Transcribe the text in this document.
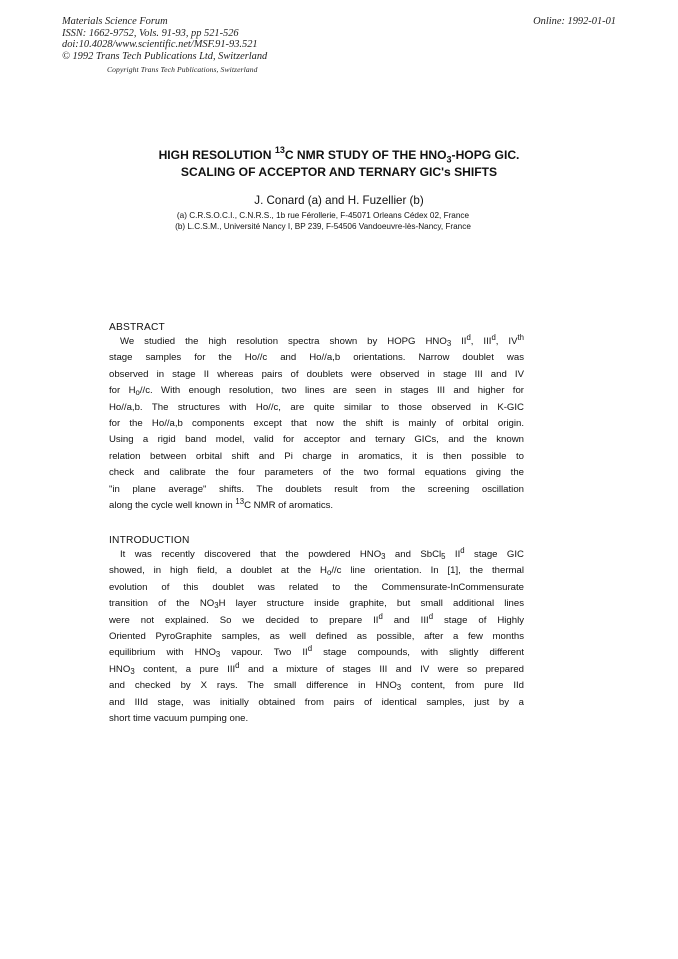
Materials Science Forum
ISSN: 1662-9752, Vols. 91-93, pp 521-526
doi:10.4028/www.scientific.net/MSF.91-93.521
© 1992 Trans Tech Publications Ltd, Switzerland
Online: 1992-01-01
Copyright Trans Tech Publications, Switzerland
HIGH RESOLUTION $^{13}$C NMR STUDY OF THE $HNO_3$-HOPG GIC.
SCALING OF ACCEPTOR AND TERNARY GIC's SHIFTS
J. Conard (a) and H. Fuzellier (b)
(a) C.R.S.O.C.I., C.N.R.S., 1b rue Férollerie, F-45071 Orleans Cédex 02, France
(b) L.C.S.M., Université Nancy I, BP 239, F-54506 Vandoeuvre-lès-Nancy, France
ABSTRACT
We studied the high resolution spectra shown by HOPG $HNO_3$ $II^d$, III$^d$, IVth
stage samples for the Ho//c and Ho//a,b orientations. Narrow doublet was
observed in stage II whereas pairs of doublets were observed in stage III and IV
for $H_o//c$. With enough resolution, two lines are seen in stages III and higher for
Ho//a,b. The structures with Ho//c, are quite similar to those observed in K-GIC
for the Ho//a,b components except that now the shift is mainly of orbital origin.
Using a rigid band model, valid for acceptor and ternary GICs, and the known
relation between orbital shift and Pi charge in aromatics, it is then possible to
check and calibrate the four parameters of the two formal equations giving the
"in plane average" shifts. The doublets result from the screening oscillation
along the cycle well known in $^{13}$C NMR of aromatics.
INTRODUCTION
It was recently discovered that the powdered $HNO_3$ and SbCl$_5$ $II^d$ stage GIC
showed, in high field, a doublet at the $H_o//c$ line orientation. In [1], the thermal
evolution of this doublet was related to the Commensurate-InCommensurate
transition of the $NO_3H$ layer structure inside graphite, but small additional lines
were not explained. So we decided to prepare $II^d$ and III$^d$ stage of Highly
Oriented PyroGraphite samples, as well defined as possible, after a few months
equilibrium with $HNO_3$ vapour. Two $II^d$ stage compounds, with slightly different
$HNO_3$ content, a pure III$^d$ and a mixture of stages III and IV were so prepared
and checked by X rays. The small difference in $HNO_3$ content, from pure IId
and IIId stage, was initially obtained from pairs of identical samples, just by a
short time vacuum pumping one.
